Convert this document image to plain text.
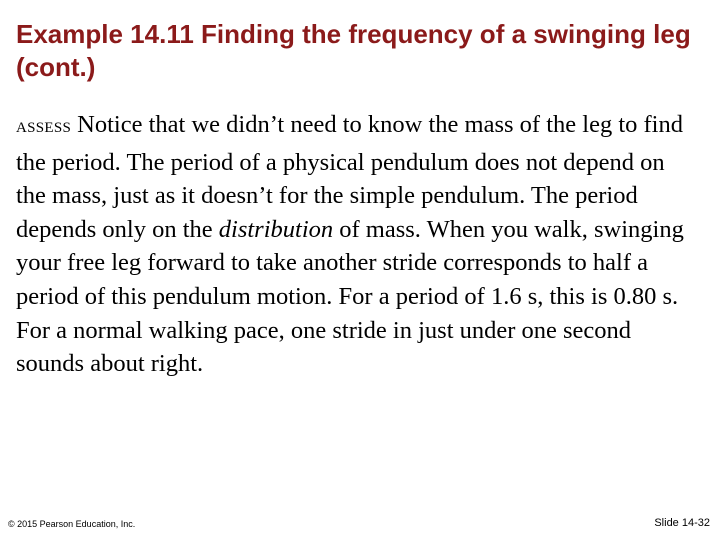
Example 14.11 Finding the frequency of a swinging leg (cont.)

ASSESS Notice that we didn’t need to know the mass of the leg to find the period. The period of a physical pendulum does not depend on the mass, just as it doesn’t for the simple pendulum. The period depends only on the distribution of mass. When you walk, swinging your free leg forward to take another stride corresponds to half a period of this pendulum motion. For a period of 1.6 s, this is 0.80 s. For a normal walking pace, one stride in just under one second sounds about right.

© 2015 Pearson Education, Inc.	Slide 14-32
